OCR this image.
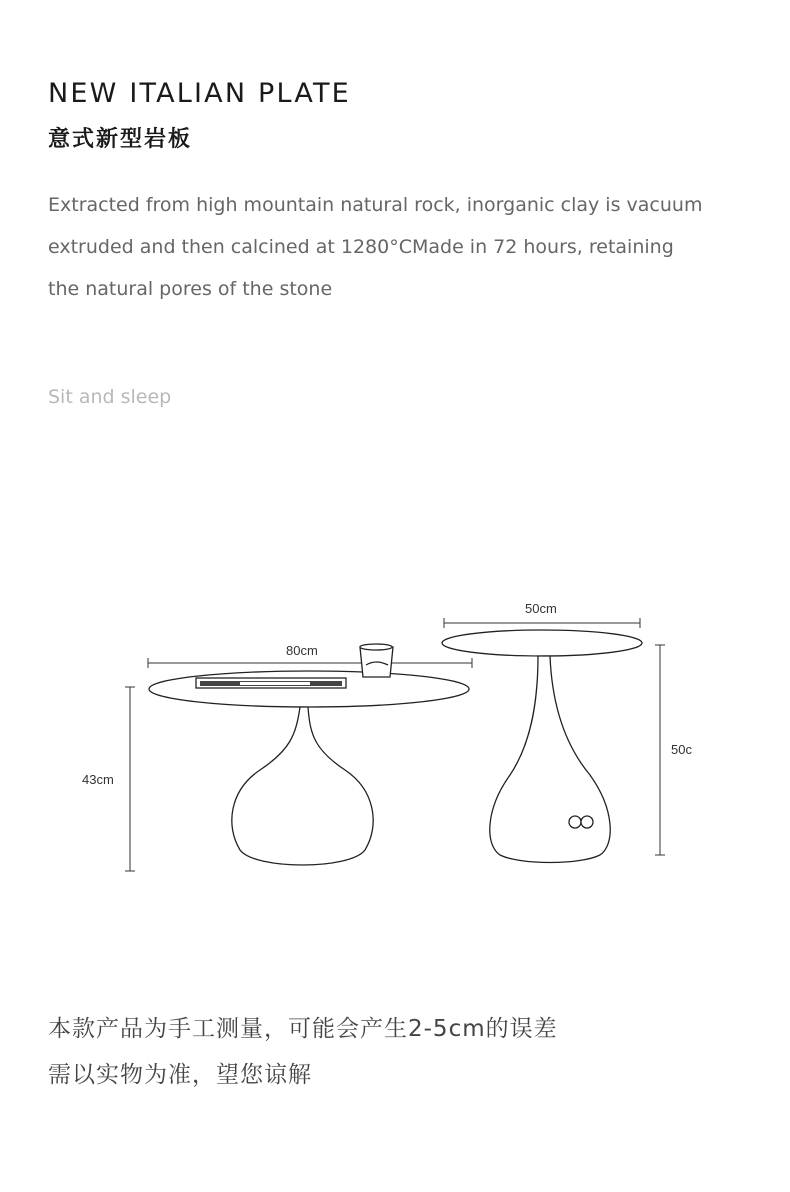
NEW ITALIAN PLATE
意式新型岩板

Extracted from high mountain natural rock, inorganic clay is vacuum

extruded and then calcined at 1280°CMade in 72 hours, retaining

the natural pores of the stone

Sit and sleep
80cm
43cm
50cm
50c

本款产品为手工测量，可能会产生2-5cm的误差

需以实物为准，望您谅解
